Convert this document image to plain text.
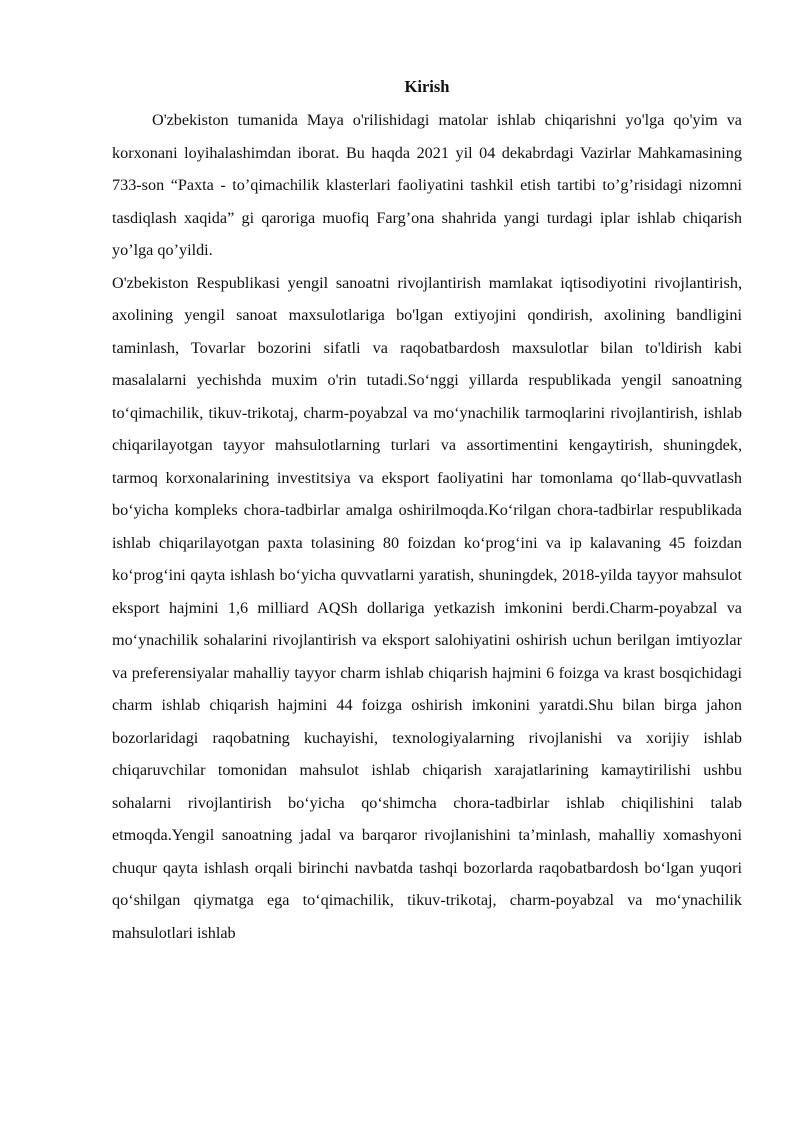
Kirish

O'zbekiston tumanida Maya o'rilishidagi matolar ishlab chiqarishni yo'lga qo'yim va korxonani loyihalashimdan iborat. Bu haqda 2021 yil 04 dekabrdagi Vazirlar Mahkamasining 733-son “Paxta - to’qimachilik klasterlari faoliyatini tashkil etish tartibi to’g’risidagi nizomni tasdiqlash xaqida” gi qaroriga muofiq Farg’ona shahrida yangi turdagi iplar ishlab chiqarish yo’lga qo’yildi.

O'zbekiston Respublikasi yengil sanoatni rivojlantirish mamlakat iqtisodiyotini rivojlantirish, axolining yengil sanoat maxsulotlariga bo'lgan extiyojini qondirish, axolining bandligini taminlash, Tovarlar bozorini sifatli va raqobatbardosh maxsulotlar bilan to'ldirish kabi masalalarni yechishda muxim o'rin tutadi.So‘nggi yillarda respublikada yengil sanoatning to‘qimachilik, tikuv-trikotaj, charm-poyabzal va mo‘ynachilik tarmoqlarini rivojlantirish, ishlab chiqarilayotgan tayyor mahsulotlarning turlari va assortimentini kengaytirish, shuningdek, tarmoq korxonalarining investitsiya va eksport faoliyatini har tomonlama qo‘llab-quvvatlash bo‘yicha kompleks chora-tadbirlar amalga oshirilmoqda.Ko‘rilgan chora-tadbirlar respublikada ishlab chiqarilayotgan paxta tolasining 80 foizdan ko‘prog‘ini va ip kalavaning 45 foizdan ko‘prog‘ini qayta ishlash bo‘yicha quvvatlarni yaratish, shuningdek, 2018-yilda tayyor mahsulot eksport hajmini 1,6 milliard AQSh dollariga yetkazish imkonini berdi.Charm-poyabzal va mo‘ynachilik sohalarini rivojlantirish va eksport salohiyatini oshirish uchun berilgan imtiyozlar va preferensiyalar mahalliy tayyor charm ishlab chiqarish hajmini 6 foizga va krast bosqichidagi charm ishlab chiqarish hajmini 44 foizga oshirish imkonini yaratdi.Shu bilan birga jahon bozorlaridagi raqobatning kuchayishi, texnologiyalarning rivojlanishi va xorijiy ishlab chiqaruvchilar tomonidan mahsulot ishlab chiqarish xarajatlarining kamaytirilishi ushbu sohalarni rivojlantirish bo‘yicha qo‘shimcha chora-tadbirlar ishlab chiqilishini talab etmoqda.Yengil sanoatning jadal va barqaror rivojlanishini ta’minlash, mahalliy xomashyoni chuqur qayta ishlash orqali birinchi navbatda tashqi bozorlarda raqobatbardosh bo‘lgan yuqori qo‘shilgan qiymatga ega to‘qimachilik, tikuv-trikotaj, charm-poyabzal va mo‘ynachilik mahsulotlari ishlab
